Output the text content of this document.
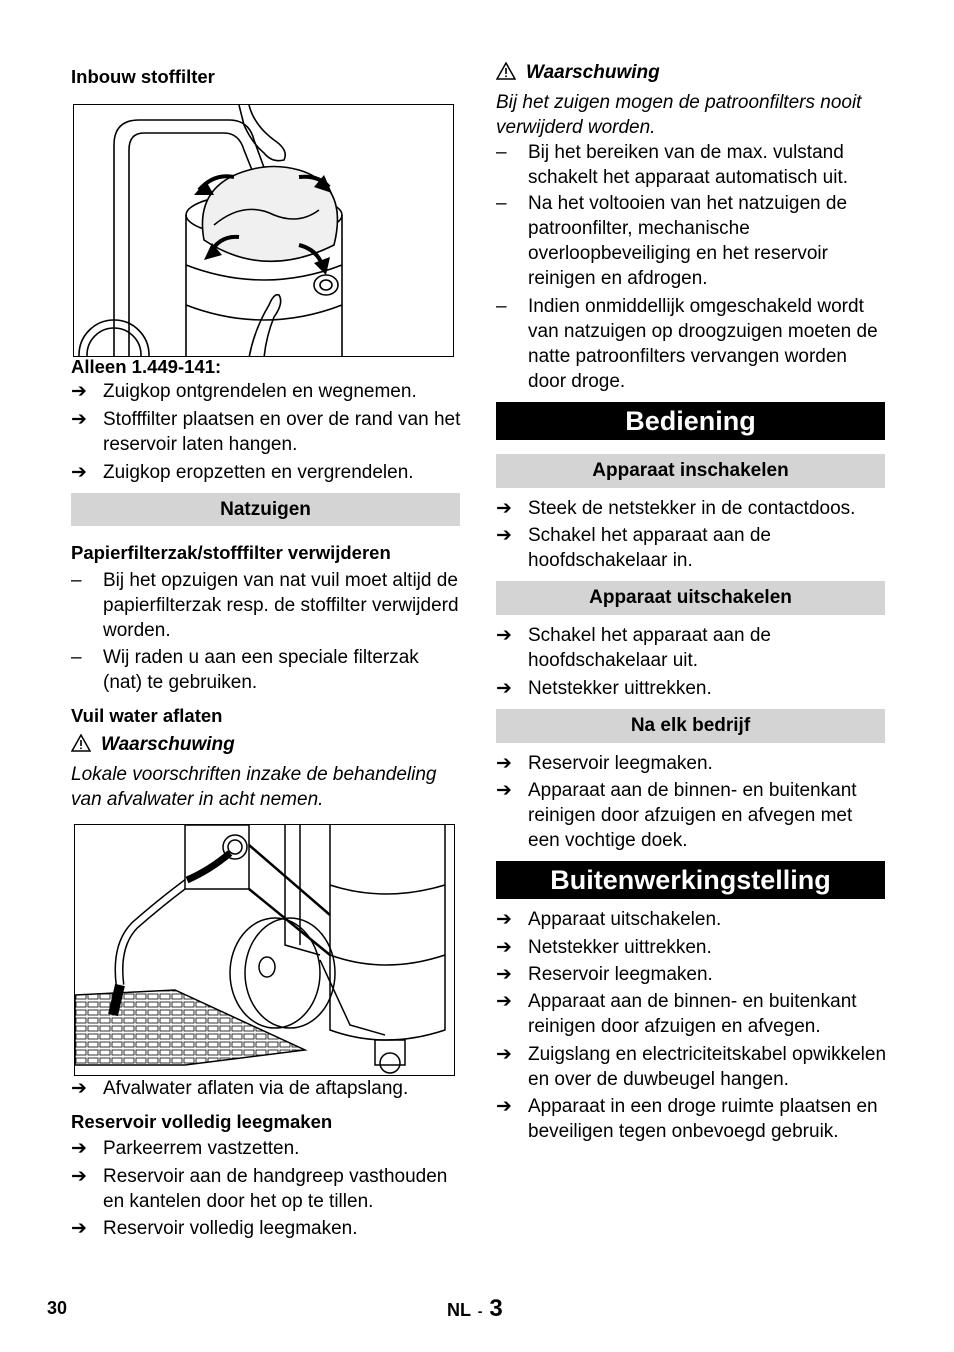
Inbouw stoffilter
Alleen 1.449-141:
➔ Zuigkop ontgrendelen en wegnemen.
➔ Stofffilter plaatsen en over de rand van het reservoir laten hangen.
➔ Zuigkop eropzetten en vergrendelen.
Natzuigen
Papierfilterzak/stofffilter verwijderen
–	Bij het opzuigen van nat vuil moet altijd de papierfilterzak resp. de stoffilter verwijderd worden.
–	Wij raden u aan een speciale filterzak (nat) te gebruiken.
Vuil water aflaten
Waarschuwing
Lokale voorschriften inzake de behandeling van afvalwater in acht nemen.
➔ Afvalwater aflaten via de aftapslang.
Reservoir volledig leegmaken
➔ Parkeerrem vastzetten.
➔ Reservoir aan de handgreep vasthouden en kantelen door het op te tillen.
➔ Reservoir volledig leegmaken.
Waarschuwing
Bij het zuigen mogen de patroonfilters nooit verwijderd worden.
–	Bij het bereiken van de max. vulstand schakelt het apparaat automatisch uit.
–	Na het voltooien van het natzuigen de patroonfilter, mechanische overloopbeveiliging en het reservoir reinigen en afdrogen.
–	Indien onmiddellijk omgeschakeld wordt van natzuigen op droogzuigen moeten de natte patroonfilters vervangen worden door droge.
Bediening
Apparaat inschakelen
➔ Steek de netstekker in de contactdoos.
➔ Schakel het apparaat aan de hoofdschakelaar in.
Apparaat uitschakelen
➔ Schakel het apparaat aan de hoofdschakelaar uit.
➔ Netstekker uittrekken.
Na elk bedrijf
➔ Reservoir leegmaken.
➔ Apparaat aan de binnen- en buitenkant reinigen door afzuigen en afvegen met een vochtige doek.
Buitenwerkingstelling
➔ Apparaat uitschakelen.
➔ Netstekker uittrekken.
➔ Reservoir leegmaken.
➔ Apparaat aan de binnen- en buitenkant reinigen door afzuigen en afvegen.
➔ Zuigslang en electriciteitskabel opwikkelen en over de duwbeugel hangen.
➔ Apparaat in een droge ruimte plaatsen en beveiligen tegen onbevoegd gebruik.
30	NL - 3
